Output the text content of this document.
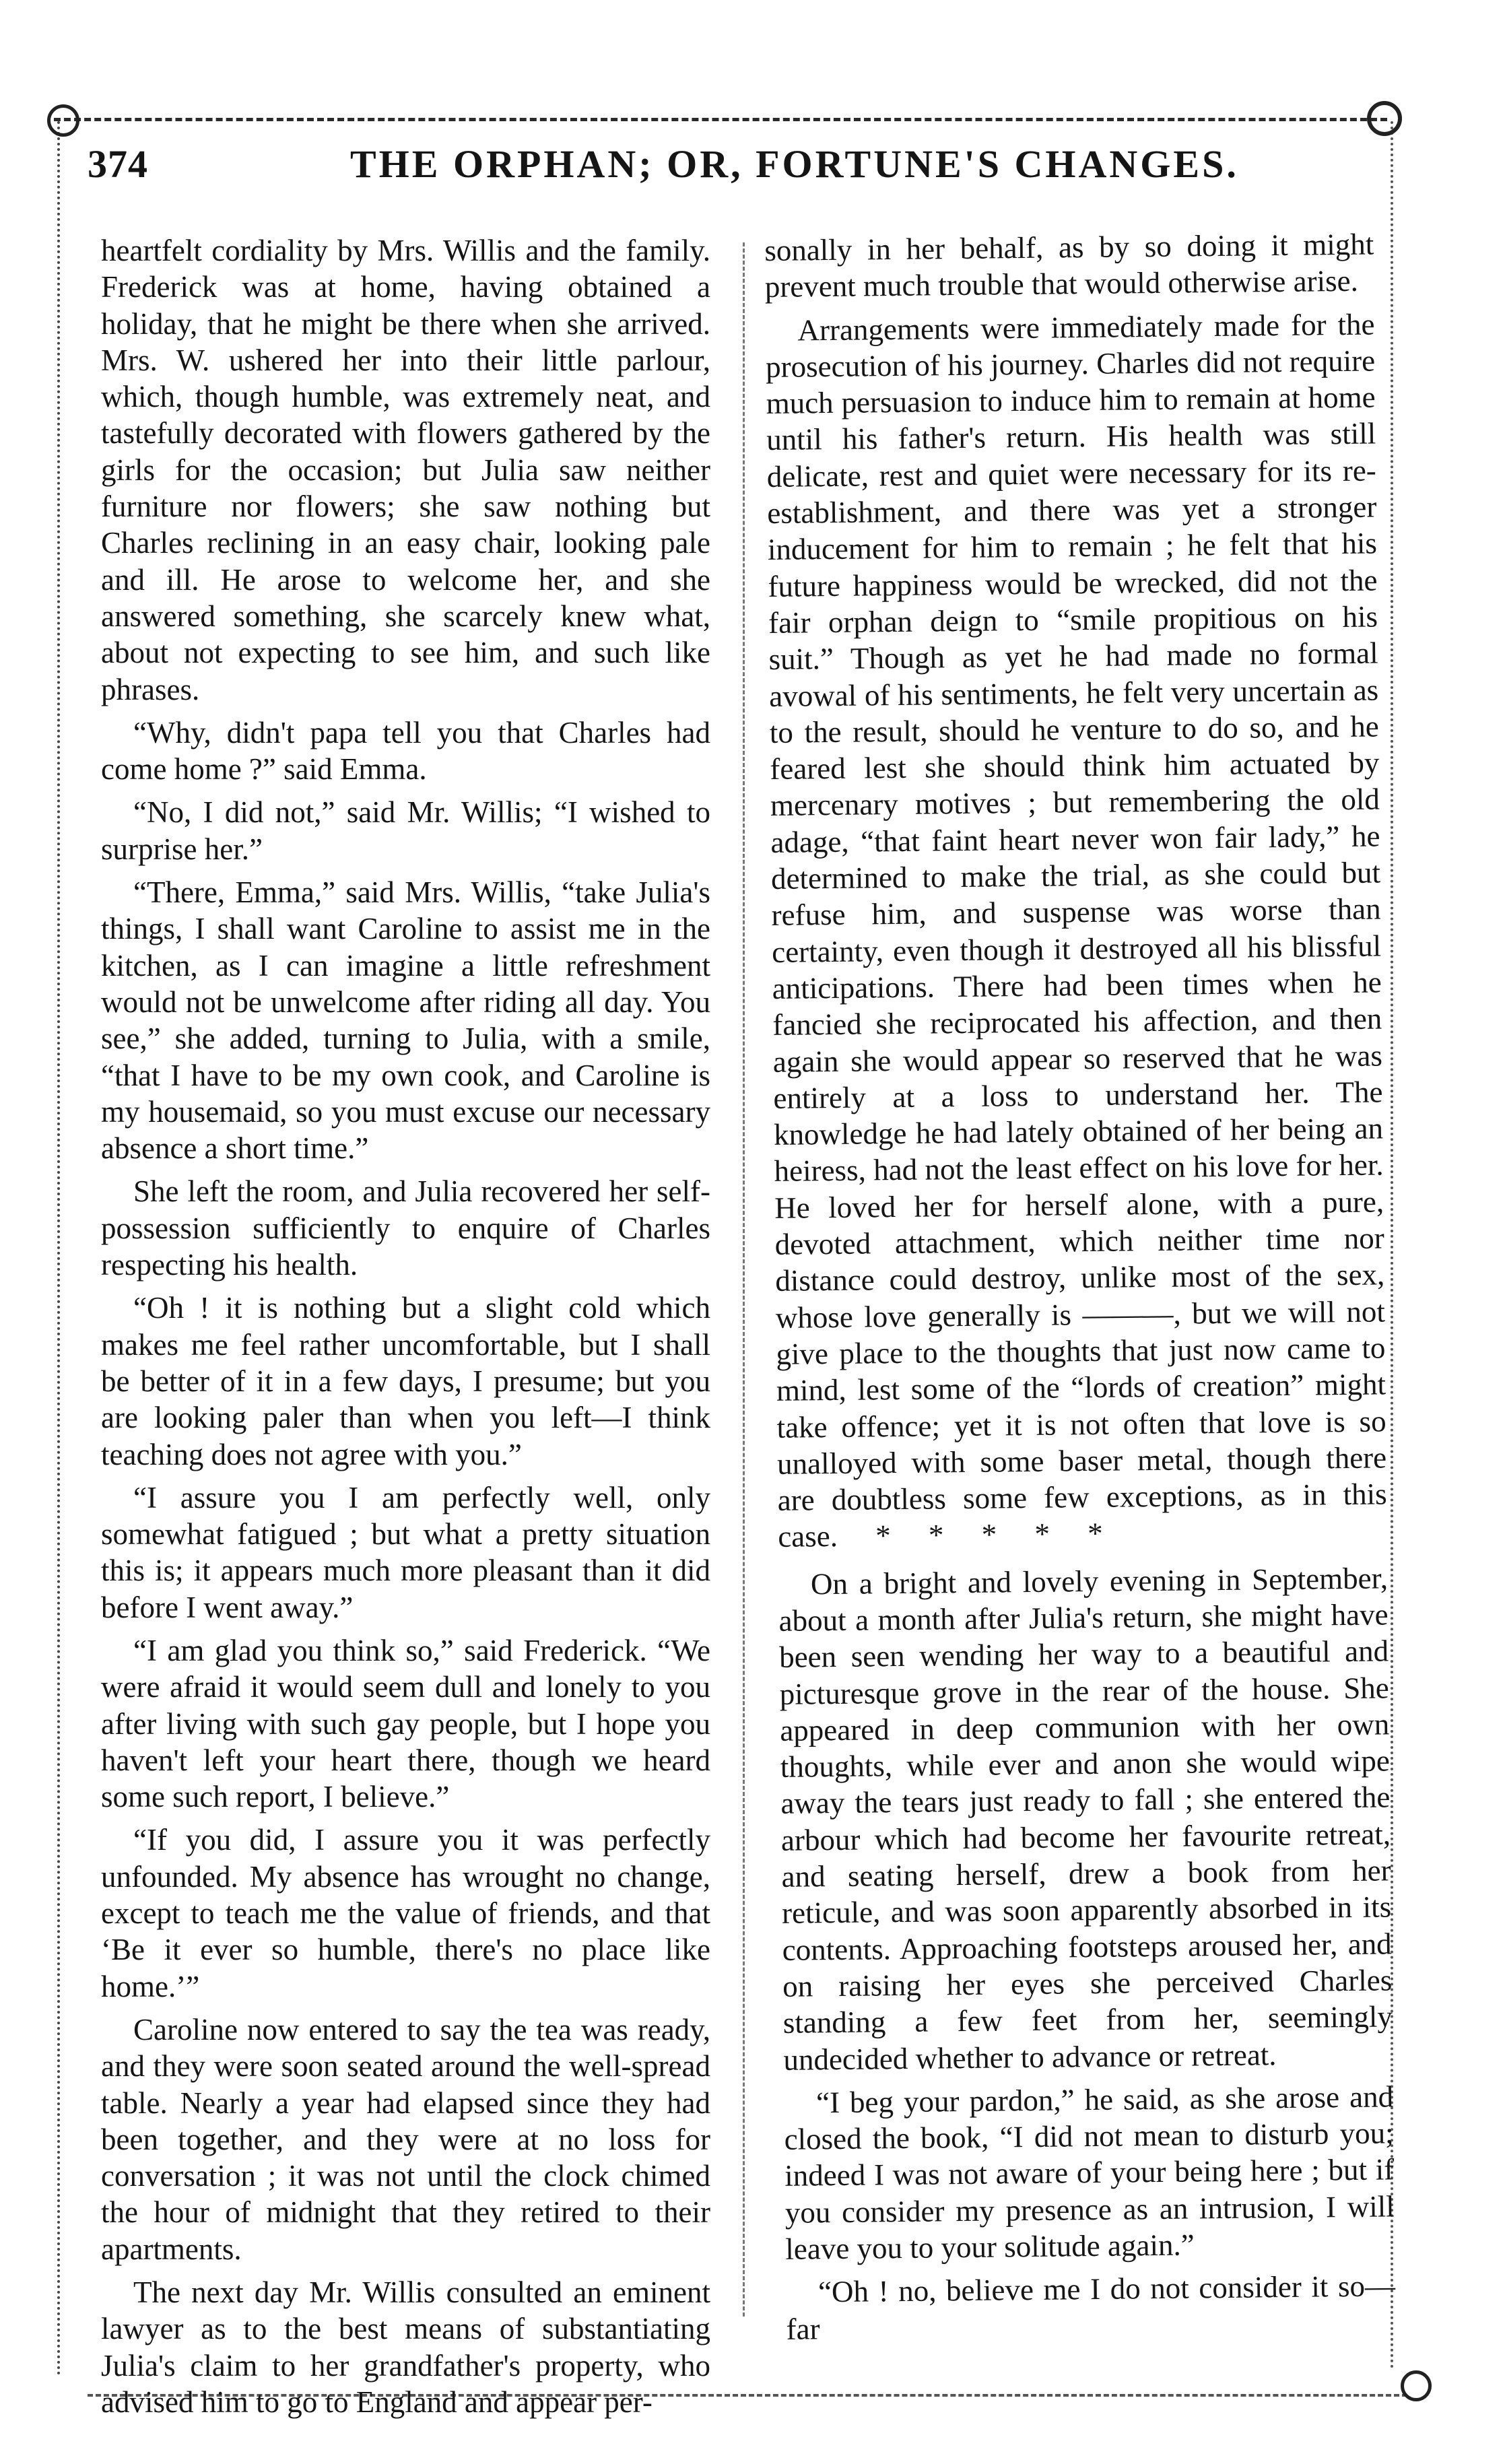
374	THE ORPHAN; OR, FORTUNE'S CHANGES.

heartfelt cordiality by Mrs. Willis and the family. Frederick was at home, having obtained a holiday, that he might be there when she arrived. Mrs. W. ushered her into their little parlour, which, though humble, was extremely neat, and tastefully decorated with flowers gathered by the girls for the occasion; but Julia saw neither furniture nor flowers; she saw nothing but Charles reclining in an easy chair, looking pale and ill. He arose to welcome her, and she answered something, she scarcely knew what, about not expecting to see him, and such like phrases.

“Why, didn't papa tell you that Charles had come home ?” said Emma.

“No, I did not,” said Mr. Willis; “I wished to surprise her.”

“There, Emma,” said Mrs. Willis, “take Julia's things, I shall want Caroline to assist me in the kitchen, as I can imagine a little refreshment would not be unwelcome after riding all day. You see,” she added, turning to Julia, with a smile, “that I have to be my own cook, and Caroline is my housemaid, so you must excuse our necessary absence a short time.”

She left the room, and Julia recovered her self-possession sufficiently to enquire of Charles respecting his health.

“Oh ! it is nothing but a slight cold which makes me feel rather uncomfortable, but I shall be better of it in a few days, I presume; but you are looking paler than when you left—I think teaching does not agree with you.”

“I assure you I am perfectly well, only somewhat fatigued ; but what a pretty situation this is; it appears much more pleasant than it did before I went away.”

“I am glad you think so,” said Frederick. “We were afraid it would seem dull and lonely to you after living with such gay people, but I hope you haven't left your heart there, though we heard some such report, I believe.”

“If you did, I assure you it was perfectly unfounded. My absence has wrought no change, except to teach me the value of friends, and that ‘Be it ever so humble, there's no place like home.’”

Caroline now entered to say the tea was ready, and they were soon seated around the well-spread table. Nearly a year had elapsed since they had been together, and they were at no loss for conversation ; it was not until the clock chimed the hour of midnight that they retired to their apartments.

The next day Mr. Willis consulted an eminent lawyer as to the best means of substantiating Julia's claim to her grandfather's property, who advised him to go to England and appear per-

sonally in her behalf, as by so doing it might prevent much trouble that would otherwise arise.

Arrangements were immediately made for the prosecution of his journey. Charles did not require much persuasion to induce him to remain at home until his father's return. His health was still delicate, rest and quiet were necessary for its re-establishment, and there was yet a stronger inducement for him to remain ; he felt that his future happiness would be wrecked, did not the fair orphan deign to “smile propitious on his suit.” Though as yet he had made no formal avowal of his sentiments, he felt very uncertain as to the result, should he venture to do so, and he feared lest she should think him actuated by mercenary motives ; but remembering the old adage, “that faint heart never won fair lady,” he determined to make the trial, as she could but refuse him, and suspense was worse than certainty, even though it destroyed all his blissful anticipations. There had been times when he fancied she reciprocated his affection, and then again she would appear so reserved that he was entirely at a loss to understand her. The knowledge he had lately obtained of her being an heiress, had not the least effect on his love for her. He loved her for herself alone, with a pure, devoted attachment, which neither time nor distance could destroy, unlike most of the sex, whose love generally is ———, but we will not give place to the thoughts that just now came to mind, lest some of the “lords of creation” might take offence; yet it is not often that love is so unalloyed with some baser metal, though there are doubtless some few exceptions, as in this case.     *     *     *     *     *

On a bright and lovely evening in September, about a month after Julia's return, she might have been seen wending her way to a beautiful and picturesque grove in the rear of the house. She appeared in deep communion with her own thoughts, while ever and anon she would wipe away the tears just ready to fall ; she entered the arbour which had become her favourite retreat, and seating herself, drew a book from her reticule, and was soon apparently absorbed in its contents. Approaching footsteps aroused her, and on raising her eyes she perceived Charles standing a few feet from her, seemingly undecided whether to advance or retreat.

“I beg your pardon,” he said, as she arose and closed the book, “I did not mean to disturb you; indeed I was not aware of your being here ; but if you consider my presence as an intrusion, I will leave you to your solitude again.”

“Oh ! no, believe me I do not consider it so—far
